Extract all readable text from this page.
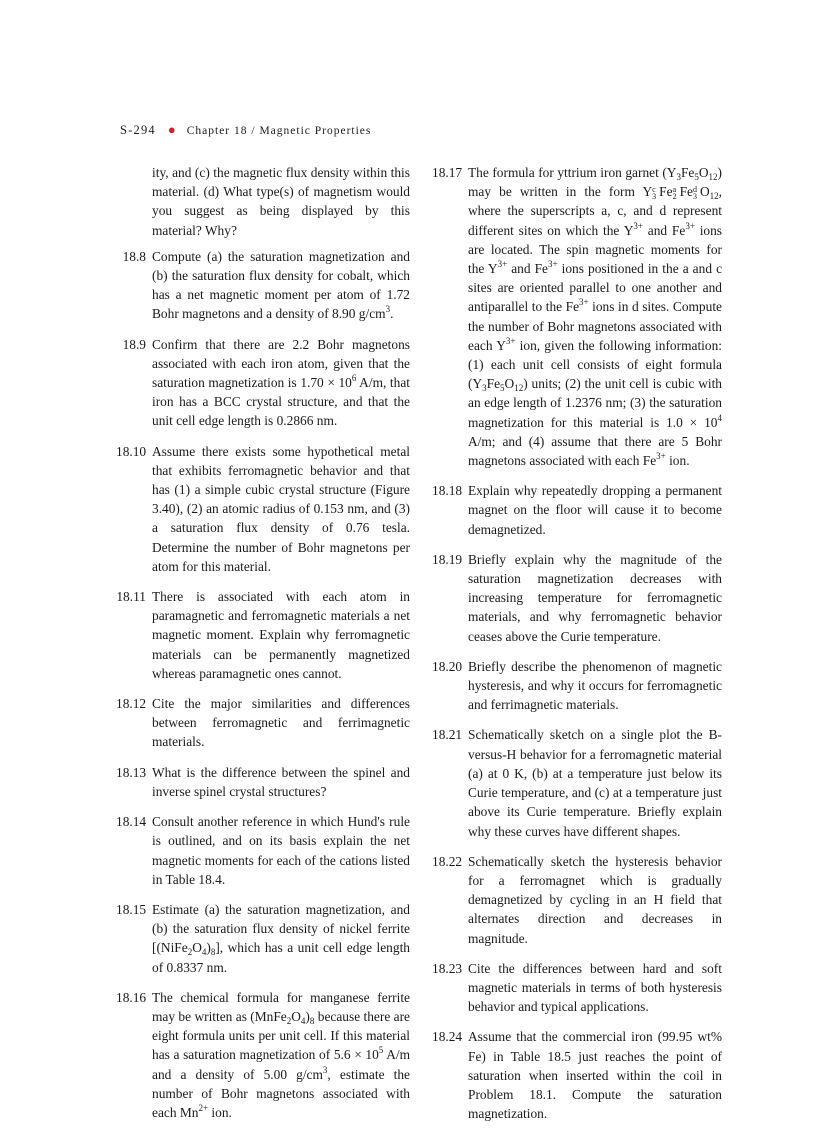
S-294 ● Chapter 18 / Magnetic Properties
ity, and (c) the magnetic flux density within this material. (d) What type(s) of magnetism would you suggest as being displayed by this material? Why?
18.8 Compute (a) the saturation magnetization and (b) the saturation flux density for cobalt, which has a net magnetic moment per atom of 1.72 Bohr magnetons and a density of 8.90 $g/cm^3$.
18.9 Confirm that there are 2.2 Bohr magnetons associated with each iron atom, given that the saturation magnetization is $1.70 \times 10^6$ A/m, that iron has a BCC crystal structure, and that the unit cell edge length is 0.2866 nm.
18.10 Assume there exists some hypothetical metal that exhibits ferromagnetic behavior and that has (1) a simple cubic crystal structure (Figure 3.40), (2) an atomic radius of 0.153 nm, and (3) a saturation flux density of 0.76 tesla. Determine the number of Bohr magnetons per atom for this material.
18.11 There is associated with each atom in paramagnetic and ferromagnetic materials a net magnetic moment. Explain why ferromagnetic materials can be permanently magnetized whereas paramagnetic ones cannot.
18.12 Cite the major similarities and differences between ferromagnetic and ferrimagnetic materials.
18.13 What is the difference between the spinel and inverse spinel crystal structures?
18.14 Consult another reference in which Hund's rule is outlined, and on its basis explain the net magnetic moments for each of the cations listed in Table 18.4.
18.15 Estimate (a) the saturation magnetization, and (b) the saturation flux density of nickel ferrite $[(NiFe_2O_4)_8]$, which has a unit cell edge length of 0.8337 nm.
18.16 The chemical formula for manganese ferrite may be written as $(MnFe_2O_4)_8$ because there are eight formula units per unit cell. If this material has a saturation magnetization of $5.6 \times 10^5$ A/m and a density of 5.00 $g/cm^3$, estimate the number of Bohr magnetons associated with each $Mn^{2+}$ ion.
18.17 The formula for yttrium iron garnet $(Y_3Fe_5O_{12})$ may be written in the form Y c
3 Fe a
2 Fe d
3 $O_{12}$, where the superscripts a, c, and d represent different sites on which the $Y^{3+}$ and $Fe^{3+}$ ions are located. The spin magnetic moments for the $Y^{3+}$ and $Fe^{3+}$ ions positioned in the a and c sites are oriented parallel to one another and antiparallel to the $Fe^{3+}$ ions in d sites. Compute the number of Bohr magnetons associated with each $Y^{3+}$ ion, given the following information: (1) each unit cell consists of eight formula $(Y_3Fe_5O_{12})$ units; (2) the unit cell is cubic with an edge length of 1.2376 nm; (3) the saturation magnetization for this material is $1.0 \times 10^4$ A/m; and (4) assume that there are 5 Bohr magnetons associated with each $Fe^{3+}$ ion.
18.18 Explain why repeatedly dropping a permanent magnet on the floor will cause it to become demagnetized.
18.19 Briefly explain why the magnitude of the saturation magnetization decreases with increasing temperature for ferromagnetic materials, and why ferromagnetic behavior ceases above the Curie temperature.
18.20 Briefly describe the phenomenon of magnetic hysteresis, and why it occurs for ferromagnetic and ferrimagnetic materials.
18.21 Schematically sketch on a single plot the B-versus-H behavior for a ferromagnetic material (a) at 0 K, (b) at a temperature just below its Curie temperature, and (c) at a temperature just above its Curie temperature. Briefly explain why these curves have different shapes.
18.22 Schematically sketch the hysteresis behavior for a ferromagnet which is gradually demagnetized by cycling in an H field that alternates direction and decreases in magnitude.
18.23 Cite the differences between hard and soft magnetic materials in terms of both hysteresis behavior and typical applications.
18.24 Assume that the commercial iron (99.95 wt% Fe) in Table 18.5 just reaches the point of saturation when inserted within the coil in Problem 18.1. Compute the saturation magnetization.
